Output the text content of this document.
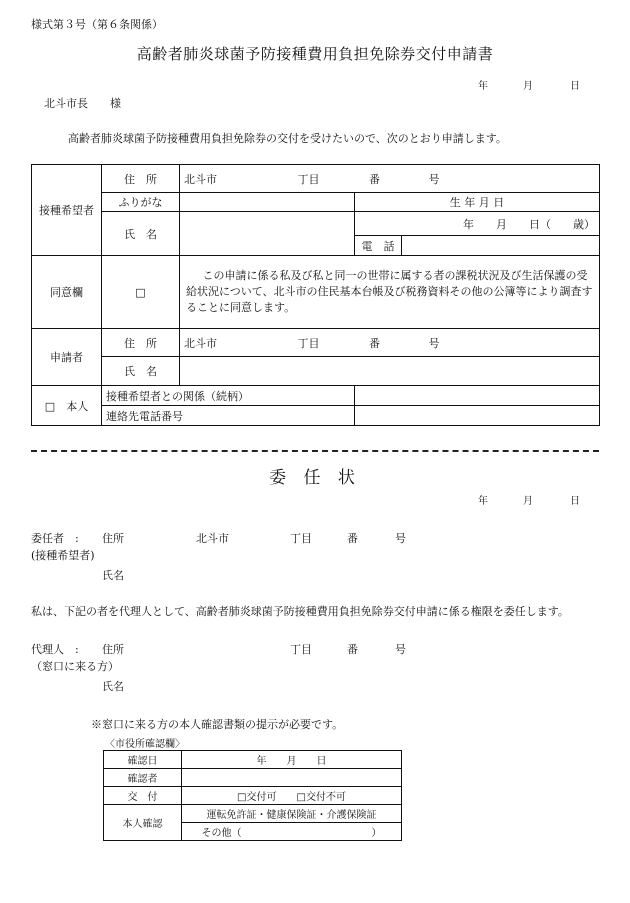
様式第３号（第６条関係）
高齢者肺炎球菌予防接種費用負担免除券交付申請書
年	月	日
北斗市長　　様
高齢者肺炎球菌予防接種費用負担免除券の交付を受けたいので、次のとおり申請します。
接種希望者	住　所	北斗市 丁目 番 号		
	ふりがな		生 年 月 日	
	氏　名		年　　月　　日（　　歳）	
			電　話	
同意欄	□	この申請に係る私及び私と同一の世帯に属する者の課税状況及び生活保護の受給状況について、北斗市の住民基本台帳及び税務資料その他の公簿等により調査することに同意します。		
申請者	住　所	北斗市 丁目 番 号		
	氏　名			
□　本人	接種希望者との関係（続柄）			
	連絡先電話番号			
委 任 状
年	月	日
委任者　: 住所	北斗市	丁目	番	号
(接種希望者)
氏名
私は、下記の者を代理人として、高齢者肺炎球菌予防接種費用負担免除券交付申請に係る権限を委任します。
代理人　: 住所	丁目	番	号
（窓口に来る方）
氏名
※窓口に来る方の本人確認書類の提示が必要です。
〈市役所確認欄〉
確認日	年　　月　　日
確認者	
交　付	□交付可　　□交付不可
本人確認	運転免許証・健康保険証・介護保険証
	その他（　　　　　　　　　　　　　）
